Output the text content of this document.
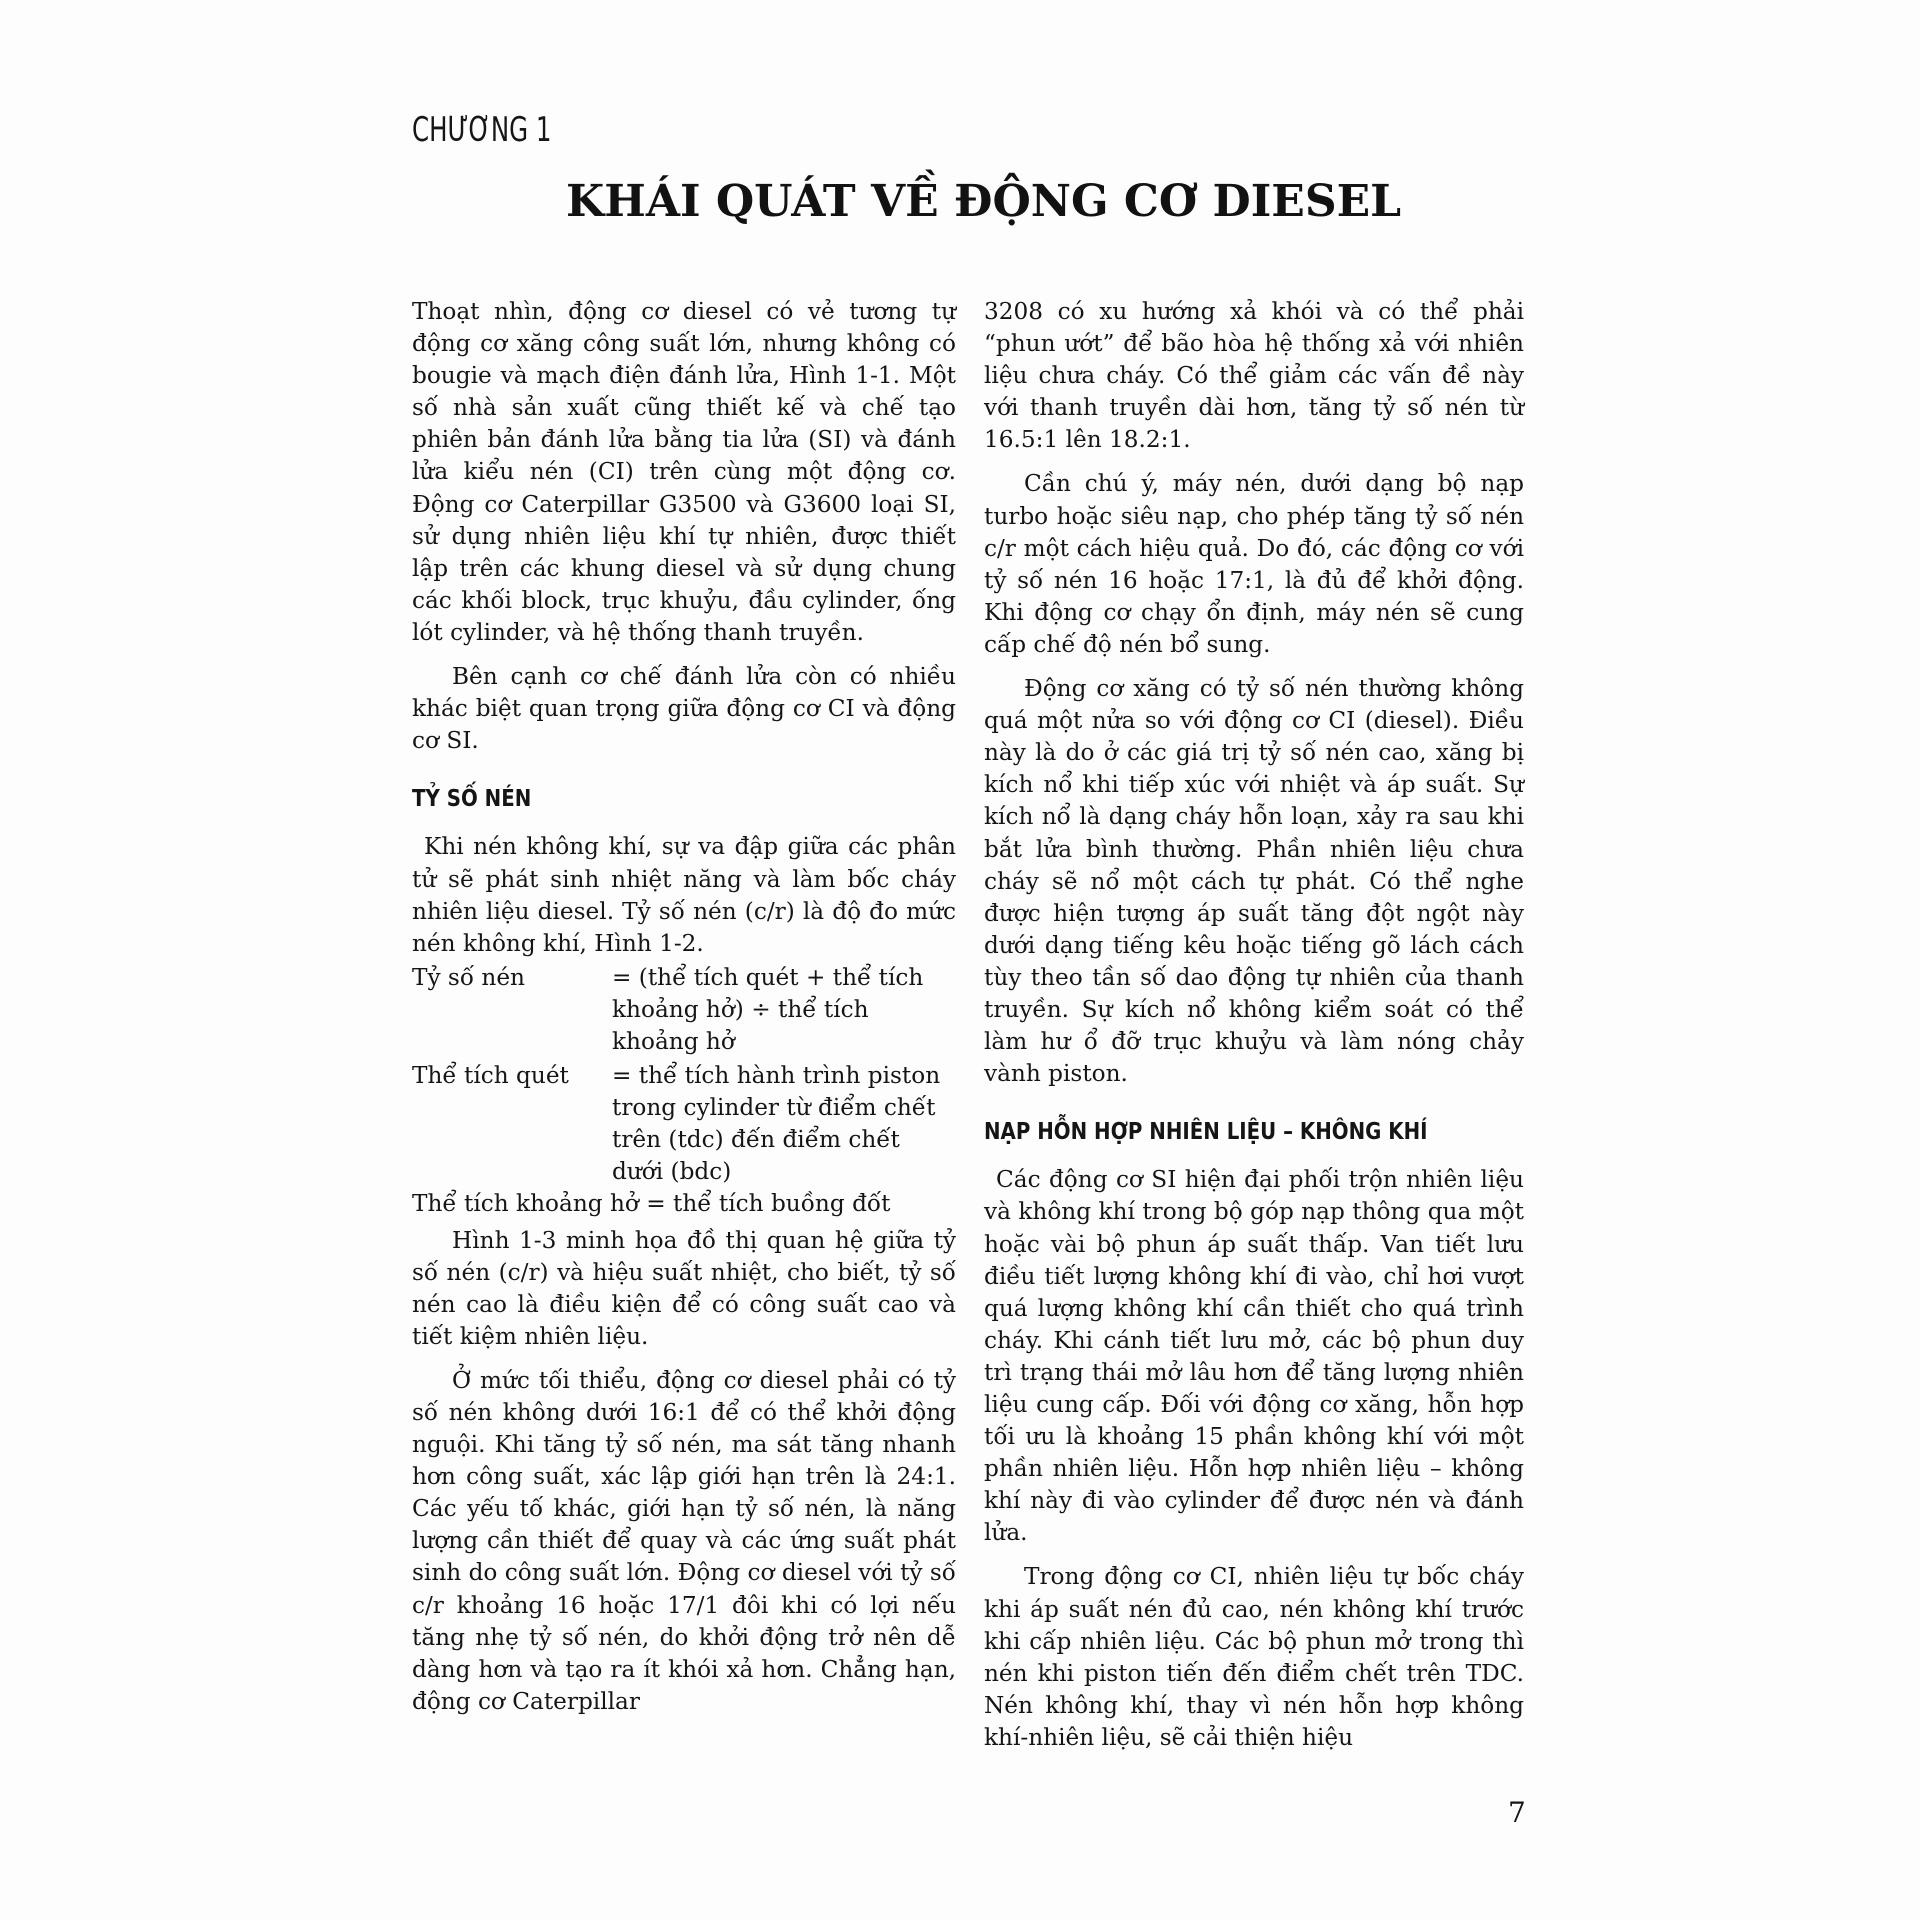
CHƯƠNG 1
KHÁI QUÁT VỀ ĐỘNG CƠ DIESEL

Thoạt nhìn, động cơ diesel có vẻ tương tự động cơ xăng công suất lớn, nhưng không có bougie và mạch điện đánh lửa, Hình 1-1. Một số nhà sản xuất cũng thiết kế và chế tạo phiên bản đánh lửa bằng tia lửa (SI) và đánh lửa kiểu nén (CI) trên cùng một động cơ. Động cơ Caterpillar G3500 và G3600 loại SI, sử dụng nhiên liệu khí tự nhiên, được thiết lập trên các khung diesel và sử dụng chung các khối block, trục khuỷu, đầu cylinder, ống lót cylinder, và hệ thống thanh truyền.

Bên cạnh cơ chế đánh lửa còn có nhiều khác biệt quan trọng giữa động cơ CI và động cơ SI.

TỶ SỐ NÉN

Khi nén không khí, sự va đập giữa các phân tử sẽ phát sinh nhiệt năng và làm bốc cháy nhiên liệu diesel. Tỷ số nén (c/r) là độ đo mức nén không khí, Hình 1-2.

Tỷ số nén	= (thể tích quét + thể tích khoảng hở) ÷ thể tích khoảng hở
Thể tích quét	= thể tích hành trình piston trong cylinder từ điểm chết trên (tdc) đến điểm chết dưới (bdc)

Thể tích khoảng hở = thể tích buồng đốt

Hình 1-3 minh họa đồ thị quan hệ giữa tỷ số nén (c/r) và hiệu suất nhiệt, cho biết, tỷ số nén cao là điều kiện để có công suất cao và tiết kiệm nhiên liệu.

Ở mức tối thiểu, động cơ diesel phải có tỷ số nén không dưới 16:1 để có thể khởi động nguội. Khi tăng tỷ số nén, ma sát tăng nhanh hơn công suất, xác lập giới hạn trên là 24:1. Các yếu tố khác, giới hạn tỷ số nén, là năng lượng cần thiết để quay và các ứng suất phát sinh do công suất lớn. Động cơ diesel với tỷ số c/r khoảng 16 hoặc 17/1 đôi khi có lợi nếu tăng nhẹ tỷ số nén, do khởi động trở nên dễ dàng hơn và tạo ra ít khói xả hơn. Chẳng hạn, động cơ Caterpillar

3208 có xu hướng xả khói và có thể phải “phun ướt” để bão hòa hệ thống xả với nhiên liệu chưa cháy. Có thể giảm các vấn đề này với thanh truyền dài hơn, tăng tỷ số nén từ 16.5:1 lên 18.2:1.

Cần chú ý, máy nén, dưới dạng bộ nạp turbo hoặc siêu nạp, cho phép tăng tỷ số nén c/r một cách hiệu quả. Do đó, các động cơ với tỷ số nén 16 hoặc 17:1, là đủ để khởi động. Khi động cơ chạy ổn định, máy nén sẽ cung cấp chế độ nén bổ sung.

Động cơ xăng có tỷ số nén thường không quá một nửa so với động cơ CI (diesel). Điều này là do ở các giá trị tỷ số nén cao, xăng bị kích nổ khi tiếp xúc với nhiệt và áp suất. Sự kích nổ là dạng cháy hỗn loạn, xảy ra sau khi bắt lửa bình thường. Phần nhiên liệu chưa cháy sẽ nổ một cách tự phát. Có thể nghe được hiện tượng áp suất tăng đột ngột này dưới dạng tiếng kêu hoặc tiếng gõ lách cách tùy theo tần số dao động tự nhiên của thanh truyền. Sự kích nổ không kiểm soát có thể làm hư ổ đỡ trục khuỷu và làm nóng chảy vành piston.

NẠP HỖN HỢP NHIÊN LIỆU – KHÔNG KHÍ

Các động cơ SI hiện đại phối trộn nhiên liệu và không khí trong bộ góp nạp thông qua một hoặc vài bộ phun áp suất thấp. Van tiết lưu điều tiết lượng không khí đi vào, chỉ hơi vượt quá lượng không khí cần thiết cho quá trình cháy. Khi cánh tiết lưu mở, các bộ phun duy trì trạng thái mở lâu hơn để tăng lượng nhiên liệu cung cấp. Đối với động cơ xăng, hỗn hợp tối ưu là khoảng 15 phần không khí với một phần nhiên liệu. Hỗn hợp nhiên liệu – không khí này đi vào cylinder để được nén và đánh lửa.

Trong động cơ CI, nhiên liệu tự bốc cháy khi áp suất nén đủ cao, nén không khí trước khi cấp nhiên liệu. Các bộ phun mở trong thì nén khi piston tiến đến điểm chết trên TDC. Nén không khí, thay vì nén hỗn hợp không khí-nhiên liệu, sẽ cải thiện hiệu

7
